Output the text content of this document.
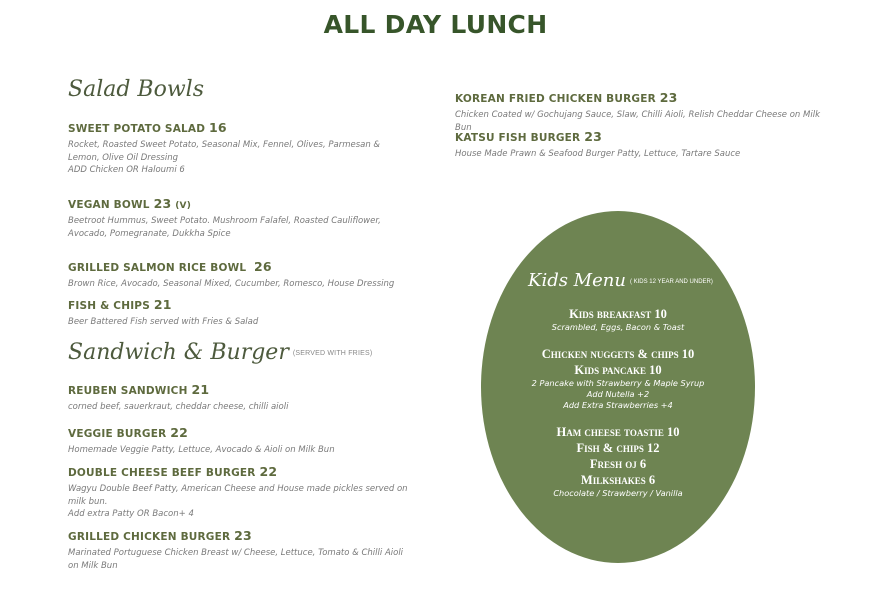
ALL DAY LUNCH
Salad Bowls
SWEET POTATO SALAD 16
Rocket, Roasted Sweet Potato, Seasonal Mix, Fennel, Olives, Parmesan & Lemon, Olive Oil Dressing
ADD Chicken OR Haloumi 6
VEGAN BOWL 23 (V)
Beetroot Hummus, Sweet Potato. Mushroom Falafel, Roasted Cauliflower, Avocado, Pomegranate, Dukkha Spice
GRILLED SALMON RICE BOWL 26
Brown Rice, Avocado, Seasonal Mixed, Cucumber, Romesco, House Dressing
FISH & CHIPS 21
Beer Battered Fish served with Fries & Salad
Sandwich & Burger (SERVED WITH FRIES)
REUBEN SANDWICH 21
corned beef, sauerkraut, cheddar cheese, chilli aioli
VEGGIE BURGER 22
Homemade Veggie Patty, Lettuce, Avocado & Aioli on Milk Bun
DOUBLE CHEESE BEEF BURGER 22
Wagyu Double Beef Patty, American Cheese and House made pickles served on milk bun.
Add extra Patty OR Bacon+ 4
GRILLED CHICKEN BURGER 23
Marinated Portuguese Chicken Breast w/ Cheese, Lettuce, Tomato & Chilli Aioli on Milk Bun
KOREAN FRIED CHICKEN BURGER 23
Chicken Coated w/ Gochujang Sauce, Slaw, Chilli Aioli, Relish Cheddar Cheese on Milk Bun
KATSU FISH BURGER 23
House Made Prawn & Seafood Burger Patty, Lettuce, Tartare Sauce
Kids Menu ( KIDS 12 YEAR AND UNDER)
Kids breakfast 10
Scrambled, Eggs, Bacon & Toast
Chicken nuggets & chips 10
Kids pancake 10
2 Pancake with Strawberry & Maple Syrup
Add Nutella +2
Add Extra Strawberries +4
Ham cheese toastie 10
Fish & chips 12
Fresh oj 6
Milkshakes 6
Chocolate / Strawberry / Vanilla
